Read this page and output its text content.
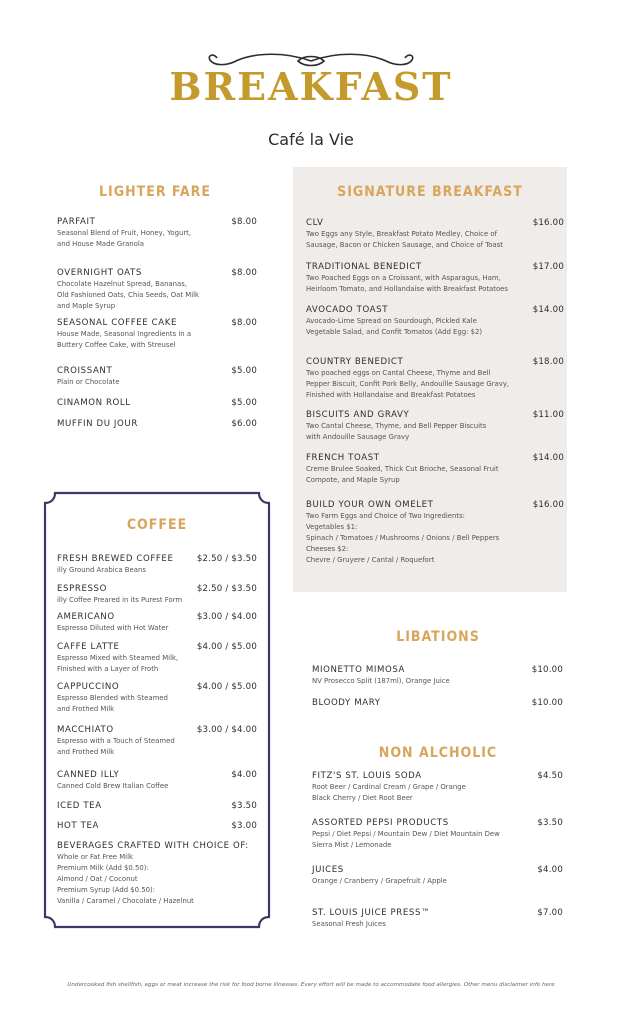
BREAKFAST
Café la Vie
LIGHTER FARE	SIGNATURE BREAKFAST
COFFEE
LIBATIONS
NON ALCHOLIC
PARFAIT	$8.00
Seasonal Blend of Fruit, Honey, Yogurt,
and House Made Granola
OVERNIGHT OATS	$8.00
Chocolate Hazelnut Spread, Bananas,
Old Fashioned Oats, Chia Seeds, Oat Milk
and Maple Syrup
SEASONAL COFFEE CAKE	$8.00
House Made, Seasonal Ingredients in a
Buttery Coffee Cake, with Streusel
CROISSANT	$5.00
Plain or Chocolate
CINAMON ROLL	$5.00
MUFFIN DU JOUR	$6.00
CLV	$16.00
Two Eggs any Style, Breakfast Potato Medley, Choice of
Sausage, Bacon or Chicken Sausage, and Choice of Toast
TRADITIONAL BENEDICT	$17.00
Two Poached Eggs on a Croissant, with Asparagus, Ham,
Heirloom Tomato, and Hollandaise with Breakfast Potatoes
AVOCADO TOAST	$14.00
Avocado-Lime Spread on Sourdough, Pickled Kale
Vegetable Salad, and Confit Tomatos (Add Egg: $2)
COUNTRY BENEDICT	$18.00
Two poached eggs on Cantal Cheese, Thyme and Bell
Pepper Biscuit, Confit Pork Belly, Andouille Sausage Gravy,
Finished with Hollandaise and Breakfast Potatoes
BISCUITS AND GRAVY	$11.00
Two Cantal Cheese, Thyme, and Bell Pepper Biscuits
with Andouille Sausage Gravy
FRENCH TOAST	$14.00
Creme Brulee Soaked, Thick Cut Brioche, Seasonal Fruit
Compote, and Maple Syrup
BUILD YOUR OWN OMELET	$16.00
Two Farm Eggs and Choice of Two Ingredients:
Vegetables $1:
Spinach / Tomatoes / Mushrooms / Onions / Bell Peppers
Cheeses $2:
Chevre / Gruyere / Cantal / Roquefort
FRESH BREWED COFFEE	$2.50 / $3.50
illy Ground Arabica Beans
ESPRESSO	$2.50 / $3.50
illy Coffee Preared in its Purest Form
AMERICANO	$3.00 / $4.00
Espresso Diluted with Hot Water
CAFFE LATTE	$4.00 / $5.00
Espresso Mixed with Steamed Milk,
Finished with a Layer of Froth
CAPPUCCINO	$4.00 / $5.00
Espresso Blended with Steamed
and Frothed Milk
MACCHIATO	$3.00 / $4.00
Espresso with a Touch of Steamed
and Frothed Milk
CANNED ILLY	$4.00
Canned Cold Brew Italian Coffee
ICED TEA	$3.50
HOT TEA	$3.00
BEVERAGES CRAFTED WITH CHOICE OF:
Whole or Fat Free Milk
Premium Milk (Add $0.50):
Almond / Oat / Coconut
Premium Syrup (Add $0.50):
Vanilla / Caramel / Chocolate / Hazelnut
MIONETTO MIMOSA	$10.00
NV Prosecco Split (187ml), Orange Juice
BLOODY MARY	$10.00
FITZ'S ST. LOUIS SODA	$4.50
Root Beer / Cardinal Cream / Grape / Orange
Black Cherry / Diet Root Beer
ASSORTED PEPSI PRODUCTS	$3.50
Pepsi / Diet Pepsi / Mountain Dew / Diet Mountain Dew
Sierra Mist / Lemonade
JUICES	$4.00
Orange / Cranberry / Grapefruit / Apple
ST. LOUIS JUICE PRESS™	$7.00
Seasonal Fresh Juices
Undercooked fish shellfish, eggs or meat increase the risk for food borne illnesses. Every effort will be made to accommodate food allergies. Other menu disclaimer info here
